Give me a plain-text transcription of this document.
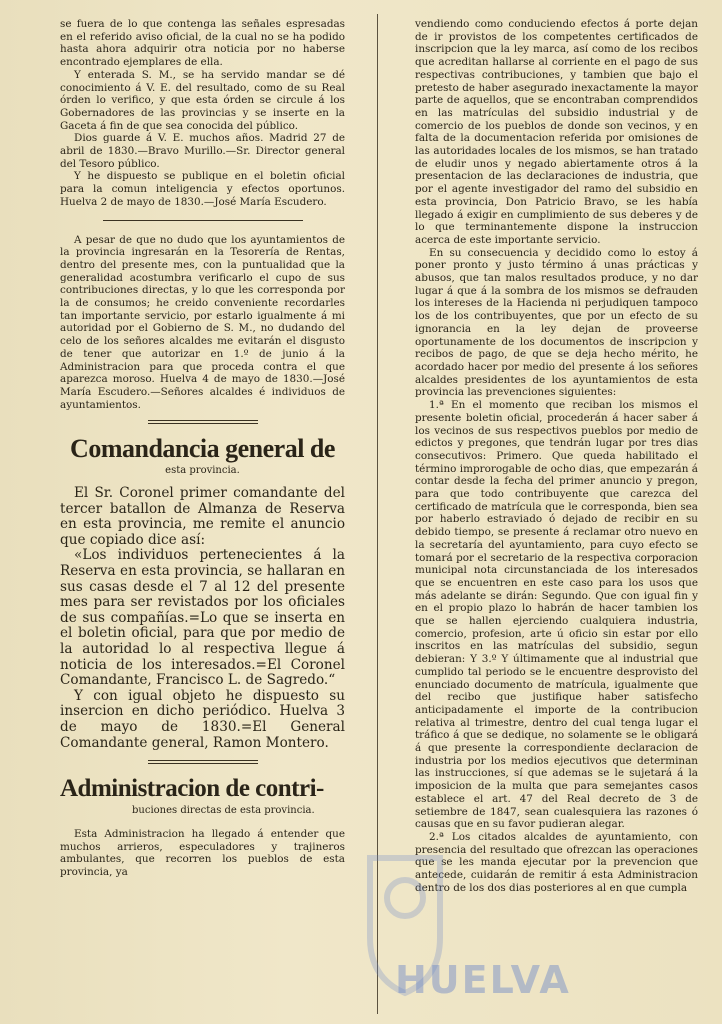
se fuera de lo que contenga las señales espresadas en el referido aviso oficial, de la cual no se ha podido hasta ahora adquirir otra noticia por no haberse encontrado ejemplares de ella.

Y enterada S. M., se ha servido mandar se dé conocimiento á V. E. del resultado, como de su Real órden lo verifico, y que esta órden se circule á los Gobernadores de las provincias y se inserte en la Gaceta á fin de que sea conocida del público.

Dios guarde á V. E. muchos años. Madrid 27 de abril de 1830.—Bravo Murillo.—Sr. Director general del Tesoro público.

Y he dispuesto se publique en el boletin oficial para la comun inteligencia y efectos oportunos. Huelva 2 de mayo de 1830.—José María Escudero.

A pesar de que no dudo que los ayuntamientos de la provincia ingresarán en la Tesorería de Rentas, dentro del presente mes, con la puntualidad que la generalidad acostumbra verificarlo el cupo de sus contribuciones directas, y lo que les corresponda por la de consumos; he creido conveniente recordarles tan importante servicio, por estarlo igualmente á mi autoridad por el Gobierno de S. M., no dudando del celo de los señores alcaldes me evitarán el disgusto de tener que autorizar en 1.º de junio á la Administracion para que proceda contra el que aparezca moroso. Huelva 4 de mayo de 1830.—José María Escudero.—Señores alcaldes é individuos de ayuntamientos.

Comandancia general de
esta provincia.

El Sr. Coronel primer comandante del tercer batallon de Almanza de Reserva en esta provincia, me remite el anuncio que copiado dice así:

«Los individuos pertenecientes á la Reserva en esta provincia, se hallaran en sus casas desde el 7 al 12 del presente mes para ser revistados por los oficiales de sus compañías.=Lo que se inserta en el boletin oficial, para que por medio de la autoridad lo al respectiva llegue á noticia de los interesados.=El Coronel Comandante, Francisco L. de Sagredo.“

Y con igual objeto he dispuesto su insercion en dicho periódico. Huelva 3 de mayo de 1830.=El General Comandante general, Ramon Montero.

Administracion de contri-
buciones directas de esta provincia.

Esta Administracion ha llegado á entender que muchos arrieros, especuladores y trajineros ambulantes, que recorren los pueblos de esta provincia, ya

vendiendo como conduciendo efectos á porte dejan de ir provistos de los competentes certificados de inscripcion que la ley marca, así como de los recibos que acreditan hallarse al corriente en el pago de sus respectivas contribuciones, y tambien que bajo el pretesto de haber asegurado inexactamente la mayor parte de aquellos, que se encontraban comprendidos en las matrículas del subsidio industrial y de comercio de los pueblos de donde son vecinos, y en falta de la documentacion referida por omisiones de las autoridades locales de los mismos, se han tratado de eludir unos y negado abiertamente otros á la presentacion de las declaraciones de industria, que por el agente investigador del ramo del subsidio en esta provincia, Don Patricio Bravo, se les había llegado á exigir en cumplimiento de sus deberes y de lo que terminantemente dispone la instruccion acerca de este importante servicio.

En su consecuencia y decidido como lo estoy á poner pronto y justo término á unas prácticas y abusos, que tan malos resultados produce, y no dar lugar á que á la sombra de los mismos se defrauden los intereses de la Hacienda ni perjudiquen tampoco los de los contribuyentes, que por un efecto de su ignorancia en la ley dejan de proveerse oportunamente de los documentos de inscripcion y recibos de pago, de que se deja hecho mérito, he acordado hacer por medio del presente á los señores alcaldes presidentes de los ayuntamientos de esta provincia las prevenciones siguientes:

1.ª En el momento que reciban los mismos el presente boletin oficial, procederán á hacer saber á los vecinos de sus respectivos pueblos por medio de edictos y pregones, que tendrán lugar por tres dias consecutivos: Primero. Que queda habilitado el término improrogable de ocho dias, que empezarán á contar desde la fecha del primer anuncio y pregon, para que todo contribuyente que carezca del certificado de matrícula que le corresponda, bien sea por haberlo estraviado ó dejado de recibir en su debido tiempo, se presente á reclamar otro nuevo en la secretaría del ayuntamiento, para cuyo efecto se tomará por el secretario de la respectiva corporacion municipal nota circunstanciada de los interesados que se encuentren en este caso para los usos que más adelante se dirán: Segundo. Que con igual fin y en el propio plazo lo habrán de hacer tambien los que se hallen ejerciendo cualquiera industria, comercio, profesion, arte ú oficio sin estar por ello inscritos en las matrículas del subsidio, segun debieran: Y 3.º Y últimamente que al industrial que cumplido tal periodo se le encuentre desprovisto del enunciado documento de matrícula, igualmente que del recibo que justifique haber satisfecho anticipadamente el importe de la contribucion relativa al trimestre, dentro del cual tenga lugar el tráfico á que se dedique, no solamente se le obligará á que presente la correspondiente declaracion de industria por los medios ejecutivos que determinan las instrucciones, sí que ademas se le sujetará á la imposicion de la multa que para semejantes casos establece el art. 47 del Real decreto de 3 de setiembre de 1847, sean cualesquiera las razones ó causas que en su favor pudieran alegar.

2.ª Los citados alcaldes de ayuntamiento, con presencia del resultado que ofrezcan las operaciones que se les manda ejecutar por la prevencion que antecede, cuidarán de remitir á esta Administracion dentro de los dos dias posteriores al en que cumpla

HUELVA
